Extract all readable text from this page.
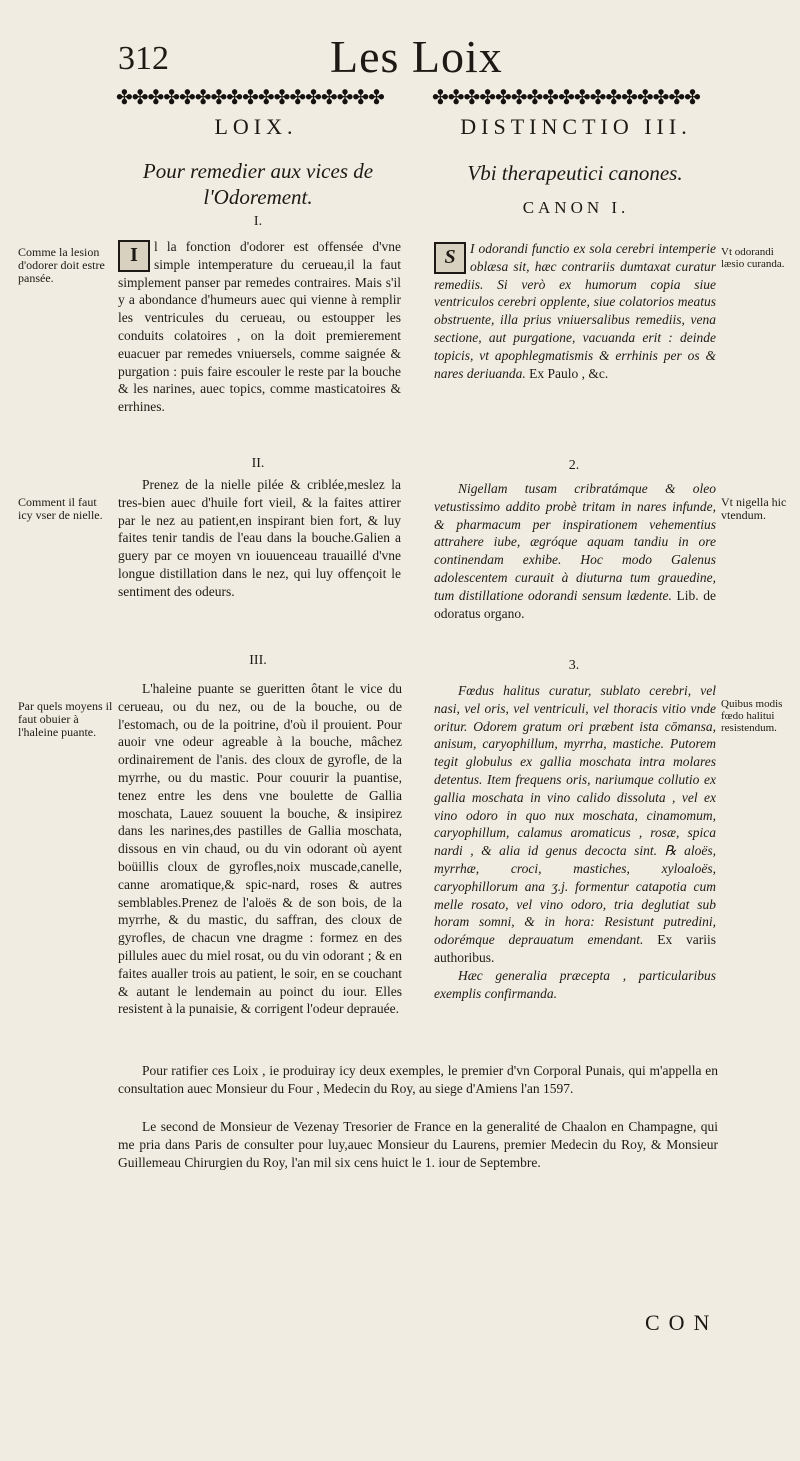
312	Les Loix
✤✤✤✤✤✤✤✤✤✤✤✤✤✤✤✤✤	✤✤✤✤✤✤✤✤✤✤✤✤✤✤✤✤✤
LOIX.	DISTINCTIO III.
Pour remedier aux vices de l'Odorement.
Vbi therapeutici canones.
CANON I.
I.
II.
III.
2.
3.
Comme la lesion d'odorer doit estre pansée.
Comment il faut icy vser de nielle.
Par quels moyens il faut obuier à l'haleine puante.
Vt odorandi læsio curanda.
Vt nigella hic vtendum.
Quibus modis fœdo halitui resistendum.
I	l la fonction d'odorer est offensée d'vne simple intemperature du cerueau,il la faut simplement panser par remedes contraires. Mais s'il y a abondance d'humeurs auec qui vienne à remplir les ventricules du cerueau, ou estoupper les conduits colatoires , on la doit premierement euacuer par remedes vniuersels, comme saignée & purgation : puis faire escouler le reste par la bouche & les narines, auec topics, comme masticatoires & errhines.
Prenez de la nielle pilée & criblée,meslez la tres-bien auec d'huile fort vieil, & la faites attirer par le nez au patient,en inspirant bien fort, & luy faites tenir tandis de l'eau dans la bouche.Galien a guery par ce moyen vn iouuenceau trauaillé d'vne longue distillation dans le nez, qui luy offençoit le sentiment des odeurs.
L'haleine puante se gueritten ôtant le vice du cerueau, ou du nez, ou de la bouche, ou de l'estomach, ou de la poitrine, d'où il prouient. Pour auoir vne odeur agreable à la bouche, mâchez ordinairement de l'anis. des cloux de gyrofle, de la myrrhe, ou du mastic. Pour couurir la puantise, tenez entre les dens vne boulette de Gallia moschata, Lauez souuent la bouche, & insipirez dans les narines,des pastilles de Gallia moschata, dissous en vin chaud, ou du vin odorant où ayent boüillis cloux de gyrofles,noix muscade,canelle, canne aromatique,& spic-nard, roses & autres semblables.Prenez de l'aloës & de son bois, de la myrrhe, & du mastic, du saffran, des cloux de gyrofles, de chacun vne dragme : formez en des pillules auec du miel rosat, ou du vin odorant ; & en faites aualler trois au patient, le soir, en se couchant & autant le lendemain au poinct du iour. Elles resistent à la punaisie, & corrigent l'odeur deprauée.
S	I odorandi functio ex sola cerebri intemperie oblæsa sit, hæc contrariis dumtaxat curatur remediis. Si verò ex humorum copia siue ventriculos cerebri opplente, siue colatorios meatus obstruente, illa prius vniuersalibus remediis, vena sectione, aut purgatione, vacuanda erit : deinde topicis, vt apophlegmatismis & errhinis per os & nares deriuanda. Ex Paulo , &c.
Nigellam tusam cribratámque & oleo vetustissimo addito probè tritam in nares infunde, & pharmacum per inspirationem vehementius attrahere iube, ægróque aquam tandiu in ore continendam exhibe. Hoc modo Galenus adolescentem curauit à diuturna tum grauedine, tum distillatione odorandi sensum lædente. Lib. de odoratus organo.
Fœdus halitus curatur, sublato cerebri, vel nasi, vel oris, vel ventriculi, vel thoracis vitio vnde oritur. Odorem gratum ori præbent ista cōmansa, anisum, caryophillum, myrrha, mastiche. Putorem tegit globulus ex gallia moschata intra molares detentus. Item frequens oris, nariumque collutio ex gallia moschata in vino calido dissoluta , vel ex vino odoro in quo nux moschata, cinamomum, caryophillum, calamus aromaticus , rosæ, spica nardi , & alia id genus decocta sint. ℞ aloës, myrrhæ, croci, mastiches, xyloaloës, caryophillorum ana ʒ.j. formentur catapotia cum melle rosato, vel vino odoro, tria deglutiat sub horam somni, & in hora: Resistunt putredini, odorémque deprauatum emendant. Ex variis authoribus.
Hæc generalia præcepta , particularibus exemplis confirmanda.
Pour ratifier ces Loix , ie produiray icy deux exemples, le premier d'vn Corporal Punais, qui m'appella en consultation auec Monsieur du Four , Medecin du Roy, au siege d'Amiens l'an 1597.
Le second de Monsieur de Vezenay Tresorier de France en la generalité de Chaalon en Champagne, qui me pria dans Paris de consulter pour luy,auec Monsieur du Laurens, premier Medecin du Roy, & Monsieur Guillemeau Chirurgien du Roy, l'an mil six cens huict le 1. iour de Septembre.
CON
